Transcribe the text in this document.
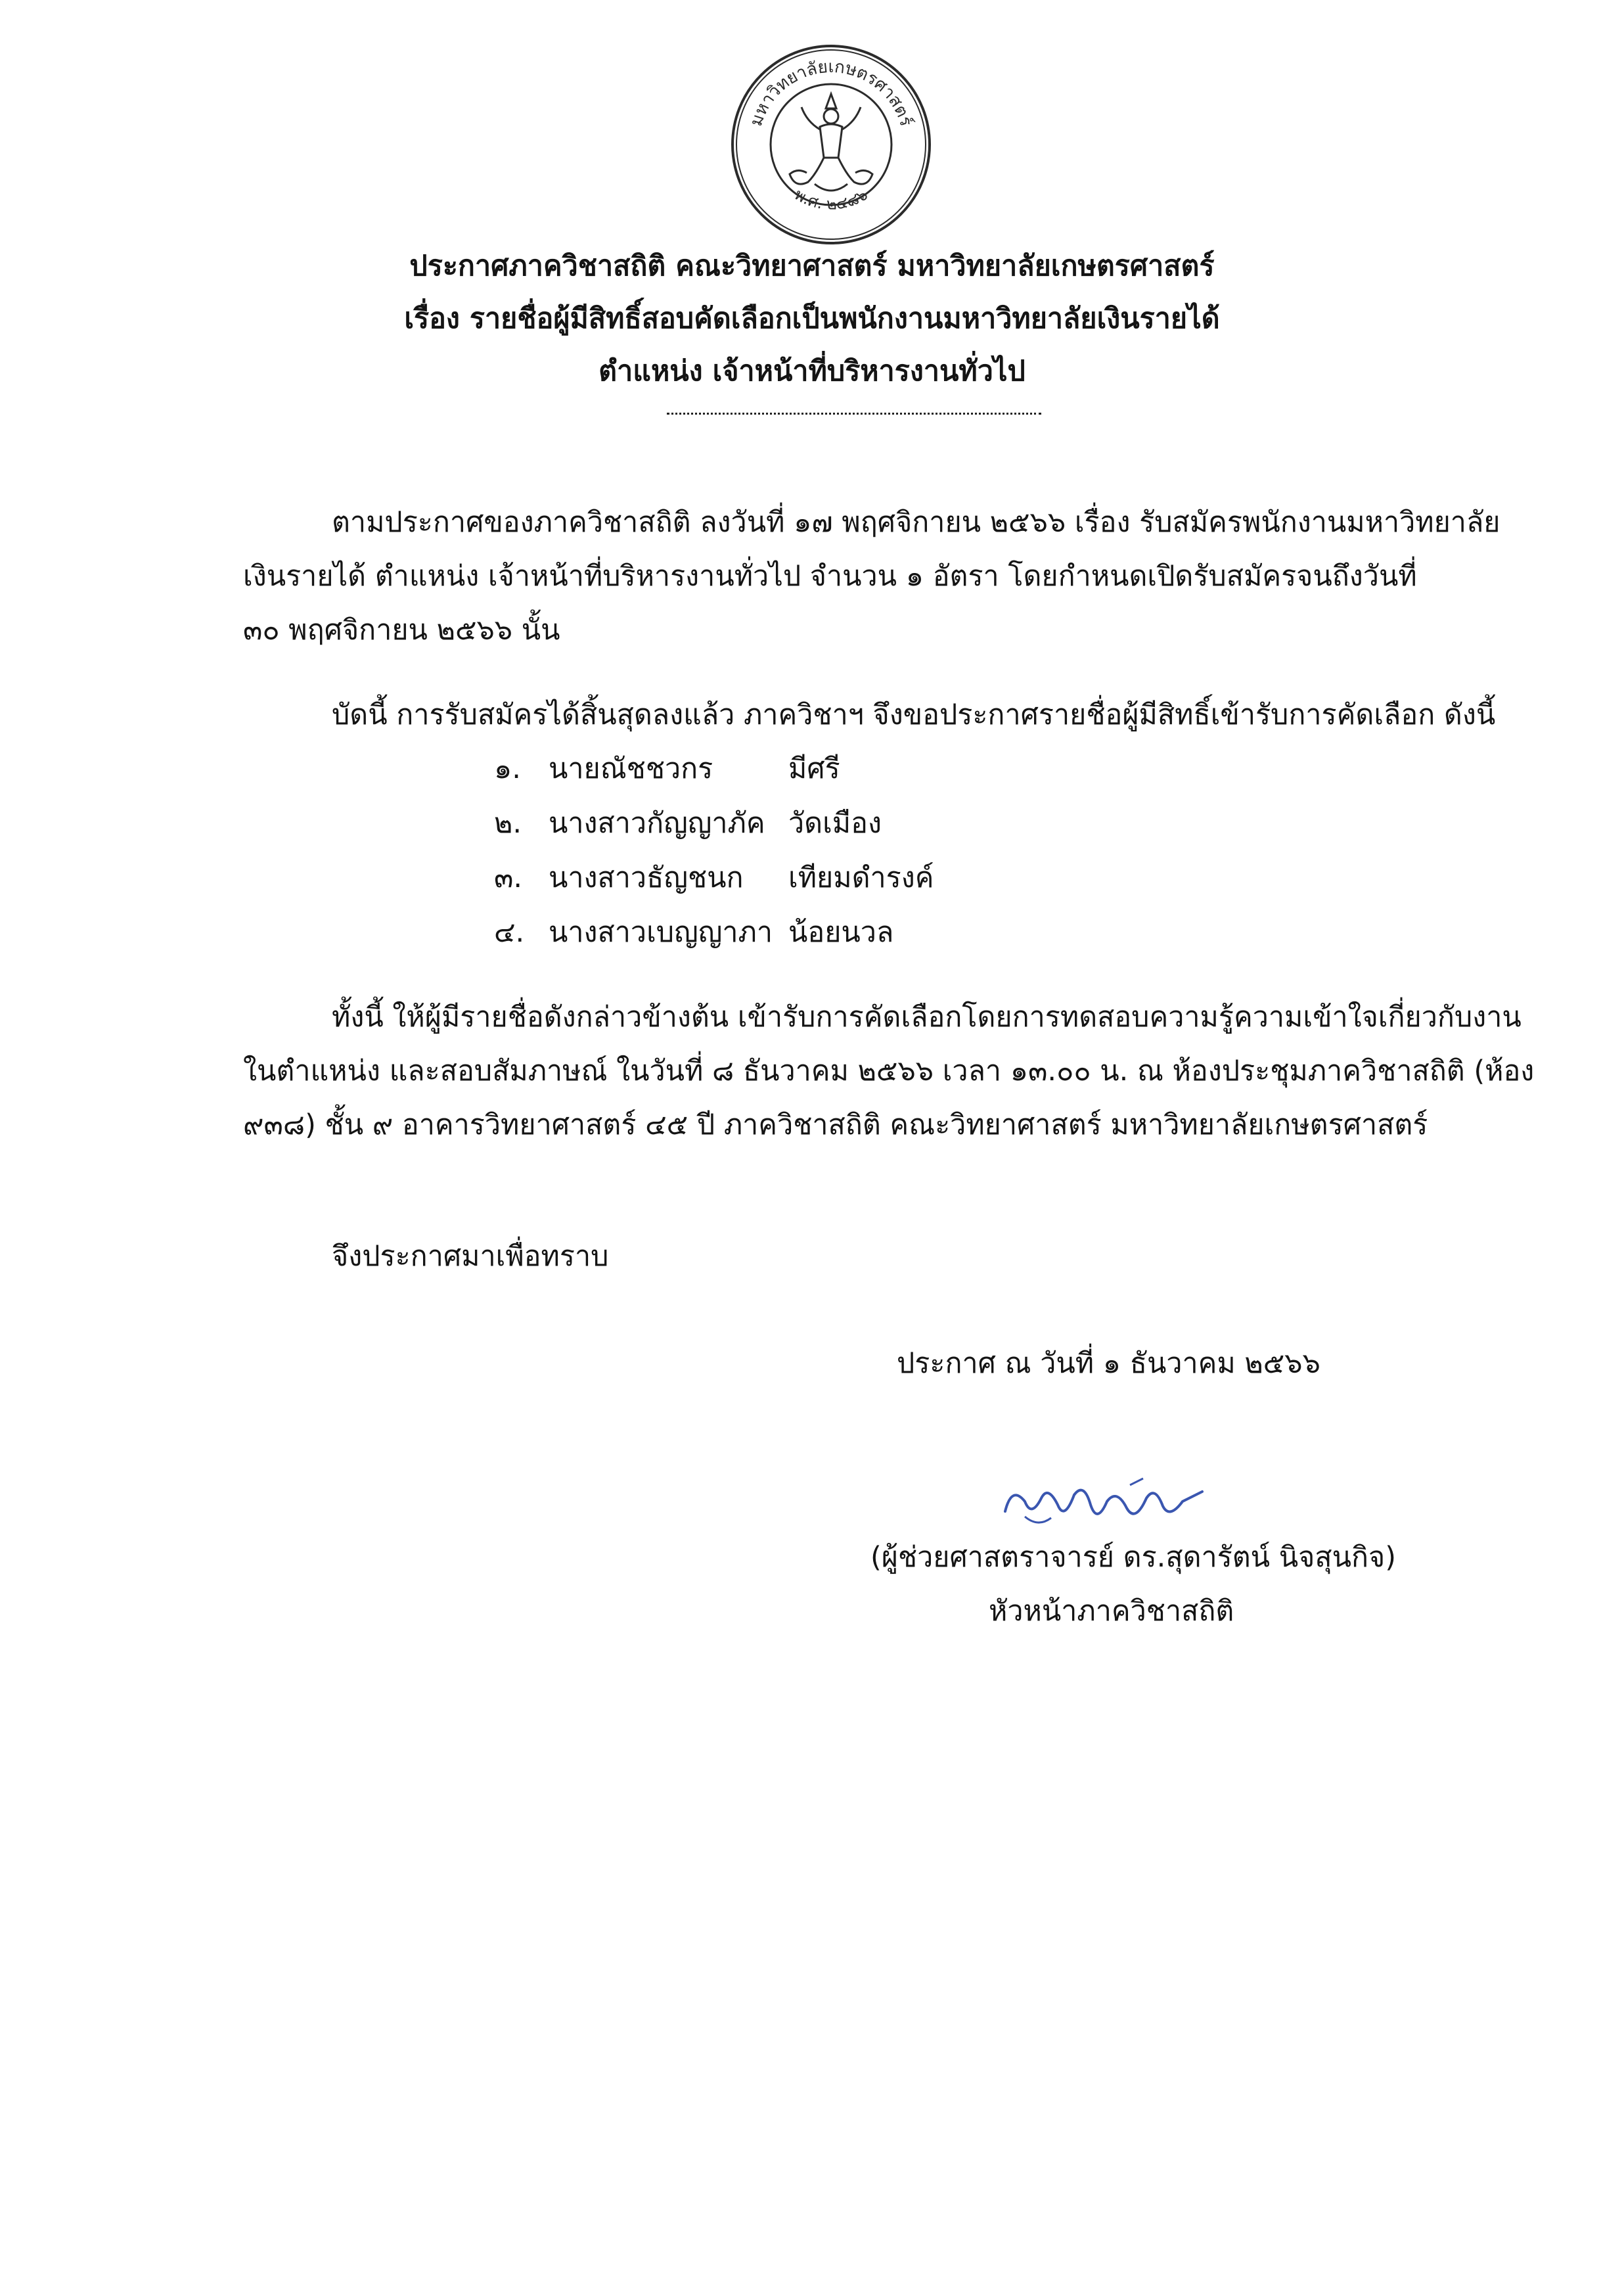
มหาวิทยาลัยเกษตรศาสตร์
พ.ศ. ๒๔๘๖
ประกาศภาควิชาสถิติ คณะวิทยาศาสตร์ มหาวิทยาลัยเกษตรศาสตร์
เรื่อง รายชื่อผู้มีสิทธิ์สอบคัดเลือกเป็นพนักงานมหาวิทยาลัยเงินรายได้
ตำแหน่ง เจ้าหน้าที่บริหารงานทั่วไป
ตามประกาศของภาควิชาสถิติ ลงวันที่ ๑๗ พฤศจิกายน ๒๕๖๖ เรื่อง รับสมัครพนักงานมหาวิทยาลัย
เงินรายได้ ตำแหน่ง เจ้าหน้าที่บริหารงานทั่วไป จำนวน ๑ อัตรา โดยกำหนดเปิดรับสมัครจนถึงวันที่
๓๐ พฤศจิกายน ๒๕๖๖ นั้น
บัดนี้ การรับสมัครได้สิ้นสุดลงแล้ว ภาควิชาฯ จึงขอประกาศรายชื่อผู้มีสิทธิ์เข้ารับการคัดเลือก ดังนี้
๑. นายณัชชวกร	มีศรี
๒. นางสาวกัญญาภัค วัดเมือง
๓. นางสาวธัญชนก เทียมดำรงค์
๔. นางสาวเบญญาภา น้อยนวล
ทั้งนี้ ให้ผู้มีรายชื่อดังกล่าวข้างต้น เข้ารับการคัดเลือกโดยการทดสอบความรู้ความเข้าใจเกี่ยวกับงาน
ในตำแหน่ง และสอบสัมภาษณ์ ในวันที่ ๘ ธันวาคม ๒๕๖๖ เวลา ๑๓.๐๐ น. ณ ห้องประชุมภาควิชาสถิติ (ห้อง
๙๓๘) ชั้น ๙ อาคารวิทยาศาสตร์ ๔๕ ปี ภาควิชาสถิติ คณะวิทยาศาสตร์ มหาวิทยาลัยเกษตรศาสตร์
จึงประกาศมาเพื่อทราบ
ประกาศ ณ วันที่ ๑ ธันวาคม ๒๕๖๖
(ผู้ช่วยศาสตราจารย์ ดร.สุดารัตน์ นิจสุนกิจ)
หัวหน้าภาควิชาสถิติ
